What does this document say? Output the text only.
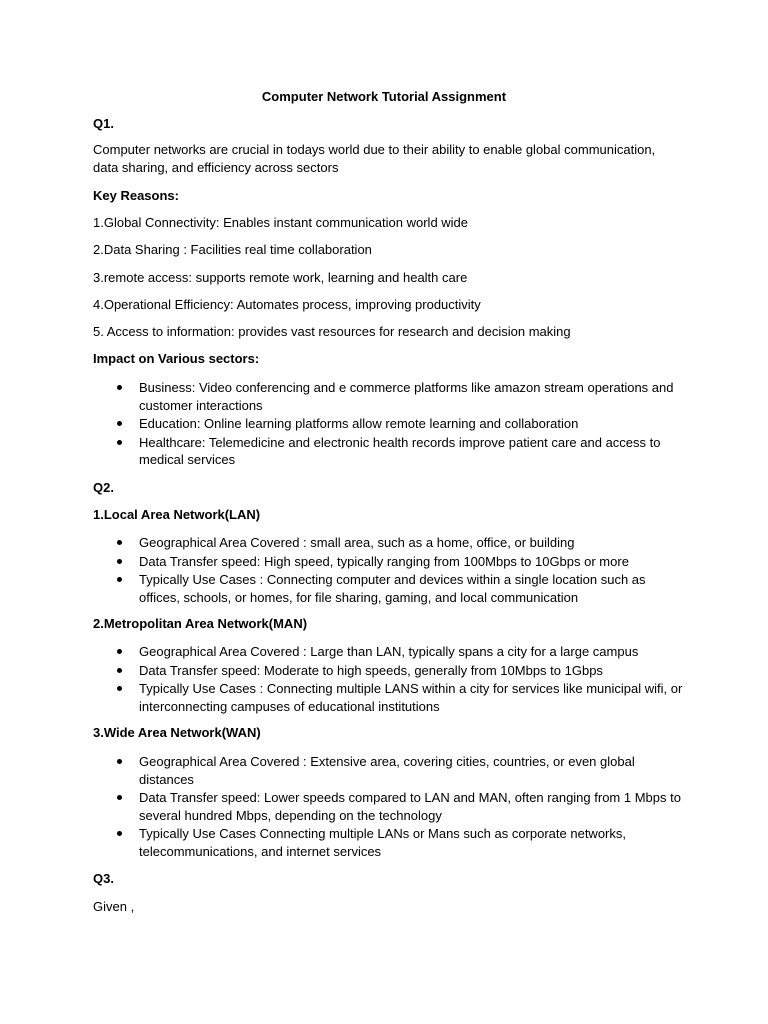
Computer Network Tutorial Assignment
Q1.
Computer networks are crucial in todays world due to their ability to enable global communication, data sharing, and efficiency across sectors
Key Reasons:
1.Global Connectivity: Enables instant communication world wide
2.Data Sharing : Facilities real time collaboration
3.remote access: supports remote work, learning and health care
4.Operational Efficiency: Automates process, improving productivity
5. Access to information: provides vast resources for research and decision making
Impact on Various sectors:
Business: Video conferencing and e commerce platforms like amazon stream operations and customer interactions
Education: Online learning platforms allow remote learning and collaboration
Healthcare: Telemedicine and electronic health records improve patient care and access to medical services
Q2.
1.Local Area Network(LAN)
Geographical Area Covered : small area, such as a home, office, or building
Data Transfer speed: High speed, typically ranging from 100Mbps to 10Gbps or more
Typically Use Cases : Connecting computer and devices within a single location such as offices, schools, or homes, for file sharing, gaming, and local communication
2.Metropolitan Area Network(MAN)
Geographical Area Covered : Large than LAN, typically spans a city for a large campus
Data Transfer speed: Moderate to high speeds, generally from 10Mbps to 1Gbps
Typically Use Cases : Connecting multiple LANS within a city for services like municipal wifi, or interconnecting campuses of educational institutions
3.Wide Area Network(WAN)
Geographical Area Covered : Extensive area, covering cities, countries, or even global distances
Data Transfer speed: Lower speeds compared to LAN and MAN, often ranging from 1 Mbps to several hundred Mbps, depending on the technology
Typically Use Cases Connecting multiple LANs or Mans such as corporate networks, telecommunications, and internet services
Q3.
Given ,
